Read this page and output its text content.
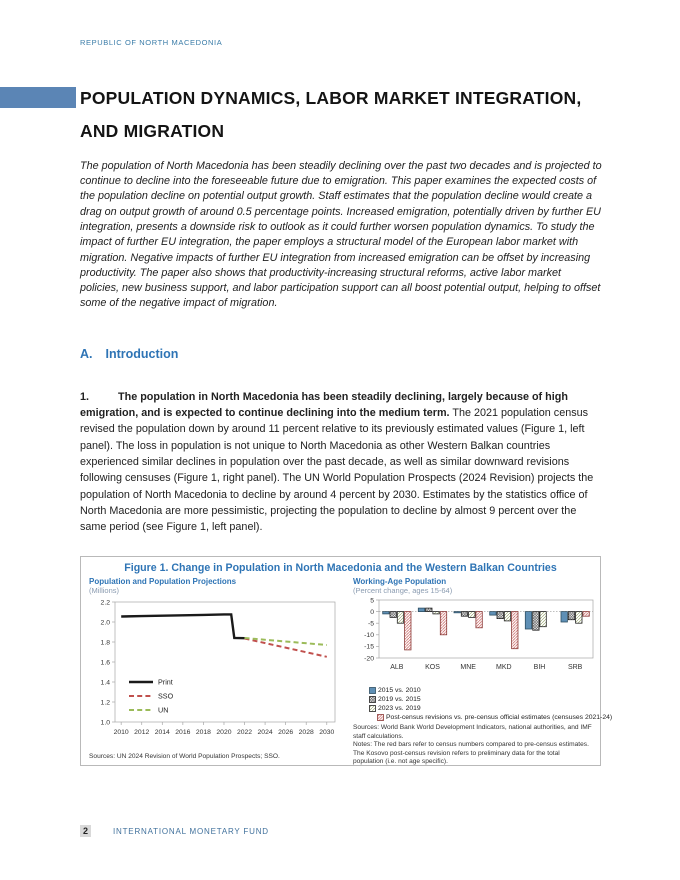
REPUBLIC OF NORTH MACEDONIA
POPULATION DYNAMICS, LABOR MARKET INTEGRATION, AND MIGRATION

The population of North Macedonia has been steadily declining over the past two decades and is projected to continue to decline into the foreseeable future due to emigration. This paper examines the expected costs of the population decline on potential output growth. Staff estimates that the population decline would create a drag on output growth of around 0.5 percentage points. Increased emigration, potentially driven by further EU integration, presents a downside risk to outlook as it could further worsen population dynamics. To study the impact of further EU integration, the paper employs a structural model of the European labor market with migration. Negative impacts of further EU integration from increased emigration can be offset by increasing productivity. The paper also shows that productivity-increasing structural reforms, active labor market policies, new business support, and labor participation support can all boost potential output, helping to offset some of the negative impact of migration.

A. Introduction

1.	The population in North Macedonia has been steadily declining, largely because of high emigration, and is expected to continue declining into the medium term. The 2021 population census revised the population down by around 11 percent relative to its previously estimated values (Figure 1, left panel). The loss in population is not unique to North Macedonia as other Western Balkan countries experienced similar declines in population over the past decade, as well as similar downward revisions following censuses (Figure 1, right panel). The UN World Population Prospects (2024 Revision) projects the population of North Macedonia to decline by around 4 percent by 2030. Estimates by the statistics office of North Macedonia are more pessimistic, projecting the population to decline by almost 9 percent over the same period (see Figure 1, left panel).

Figure 1. Change in Population in North Macedonia and the Western Balkan Countries
Population and Population Projections
(Millions)
1.0
1.2
1.4
1.6
1.8
2.0
2.2
2010 2012 2014 2016 2018 2020 2022 2024 2026 2028 2030
Print
SSO
UN
Sources: UN 2024 Revision of World Population Prospects; SSO.
Working-Age Population
(Percent change, ages 15-64)
5
0
-5
-10
-15
-20
ALB	KOS	MNE	MKD	BIH	SRB
2015 vs. 2010
2019 vs. 2015
2023 vs. 2019
Post-census revisions vs. pre-census official estimates (censuses 2021-24)
Sources: World Bank World Development Indicators, national authorities, and IMF staff calculations.
Notes: The red bars refer to census numbers compared to pre-census estimates. The Kosovo post-census revision refers to preliminary data for the total population (i.e. not age specific).
2	INTERNATIONAL MONETARY FUND
